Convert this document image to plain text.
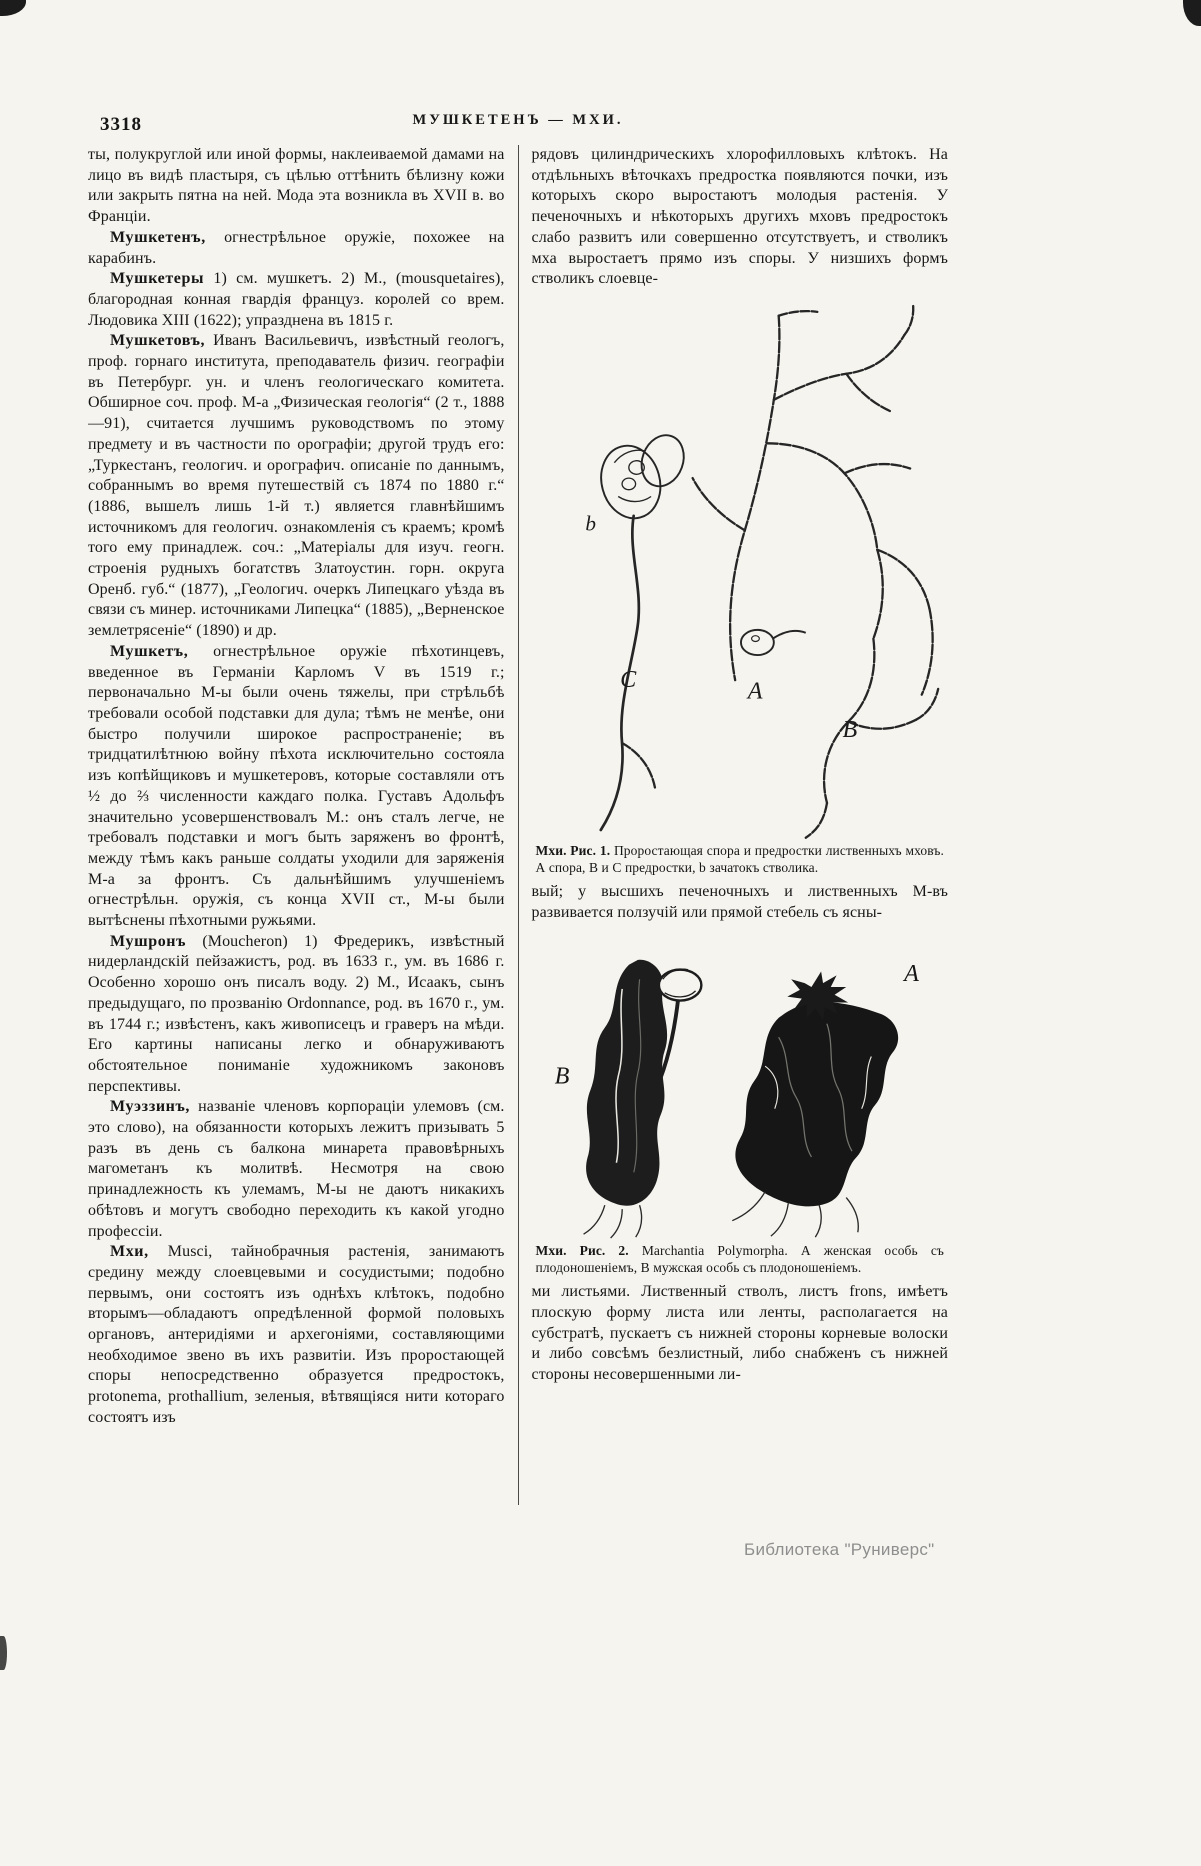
3318	МУШКЕТЕНЪ — МХИ.

ты, полукруглой или иной формы, наклеиваемой дамами на лицо въ видѣ пластыря, съ цѣлью оттѣнить бѣлизну кожи или закрыть пятна на ней. Мода эта возникла въ XVII в. во Франціи.

Мушкетенъ, огнестрѣльное оружіе, похожее на карабинъ.

Мушкетеры 1) см. мушкетъ. 2) М., (mousquetaires), благородная конная гвардія француз. королей со врем. Людовика XIII (1622); упразднена въ 1815 г.

Мушкетовъ, Иванъ Васильевичъ, извѣстный геологъ, проф. горнаго института, преподаватель физич. географіи въ Петербург. ун. и членъ геологическаго комитета. Обширное соч. проф. М-а „Физическая геологія“ (2 т., 1888—91), считается лучшимъ руководствомъ по этому предмету и въ частности по орографіи; другой трудъ его: „Туркестанъ, геологич. и орографич. описаніе по даннымъ, собраннымъ во время путешествій съ 1874 по 1880 г.“ (1886, вышелъ лишь 1-й т.) является главнѣйшимъ источникомъ для геологич. ознакомленія съ краемъ; кромѣ того ему принадлеж. соч.: „Матеріалы для изуч. геогн. строенія рудныхъ богатствъ Златоустин. горн. округа Оренб. губ.“ (1877), „Геологич. очеркъ Липецкаго уѣзда въ связи съ минер. источниками Липецка“ (1885), „Верненское землетрясеніе“ (1890) и др.

Мушкетъ, огнестрѣльное оружіе пѣхотинцевъ, введенное въ Германіи Карломъ V въ 1519 г.; первоначально М-ы были очень тяжелы, при стрѣльбѣ требовали особой подставки для дула; тѣмъ не менѣе, они быстро получили широкое распространеніе; въ тридцатилѣтнюю войну пѣхота исключительно состояла изъ копѣйщиковъ и мушкетеровъ, которые составляли отъ ½ до ⅔ численности каждаго полка. Густавъ Адольфъ значительно усовершенствовалъ М.: онъ сталъ легче, не требовалъ подставки и могъ быть заряженъ во фронтѣ, между тѣмъ какъ раньше солдаты уходили для заряженія М-а за фронтъ. Съ дальнѣйшимъ улучшеніемъ огнестрѣльн. оружія, съ конца XVII ст., М-ы были вытѣснены пѣхотными ружьями.

Мушронъ (Moucheron) 1) Фредерикъ, извѣстный нидерландскій пейзажистъ, род. въ 1633 г., ум. въ 1686 г. Особенно хорошо онъ писалъ воду. 2) М., Исаакъ, сынъ предыдущаго, по прозванію Ordonnance, род. въ 1670 г., ум. въ 1744 г.; извѣстенъ, какъ живописецъ и граверъ на мѣди. Его картины написаны легко и обнаруживаютъ обстоятельное пониманіе художникомъ законовъ перспективы.

Муэззинъ, названіе членовъ корпораціи улемовъ (см. это слово), на обязанности которыхъ лежитъ призывать 5 разъ въ день съ балкона минарета правовѣрныхъ магометанъ къ молитвѣ. Несмотря на свою принадлежность къ улемамъ, М-ы не даютъ никакихъ обѣтовъ и могутъ свободно переходить къ какой угодно профессіи.

Мхи, Musci, тайнобрачныя растенія, занимаютъ средину между слоевцевыми и сосудистыми; подобно первымъ, они состоятъ изъ однѣхъ клѣтокъ, подобно вторымъ—обладаютъ опредѣленной формой половыхъ органовъ, антеридіями и архегоніями, составляющими необходимое звено въ ихъ развитіи. Изъ проростающей споры непосредственно образуется предростокъ, protonema, prothallium, зеленыя, вѣтвящіяся нити котораго состоятъ изъ

рядовъ цилиндрическихъ хлорофилловыхъ клѣтокъ. На отдѣльныхъ вѣточкахъ предростка появляются почки, изъ которыхъ скоро выростаютъ молодыя растенія. У печеночныхъ и нѣкоторыхъ другихъ мховъ предростокъ слабо развитъ или совершенно отсутствуетъ, и стволикъ мха выростаетъ прямо изъ споры. У низшихъ формъ стволикъ слоевце-

b
C	A
B
Мхи. Рис. 1. Проростающая спора и предростки лиственныхъ мховъ. А спора, В и С предростки, b зачатокъ стволика.

вый; у высшихъ печеночныхъ и лиственныхъ М-въ развивается ползучій или прямой стебель съ ясны-

B
A
Мхи. Рис. 2. Marchantia Polymorpha. А женская особь съ плодоношеніемъ, В мужская особь съ плодоношеніемъ.

ми листьями. Лиственный стволъ, листъ frons, имѣетъ плоскую форму листа или ленты, располагается на субстратѣ, пускаетъ съ нижней стороны корневые волоски и либо совсѣмъ безлистный, либо снабженъ съ нижней стороны несовершенными ли-

Библиотека "Руниверс"
